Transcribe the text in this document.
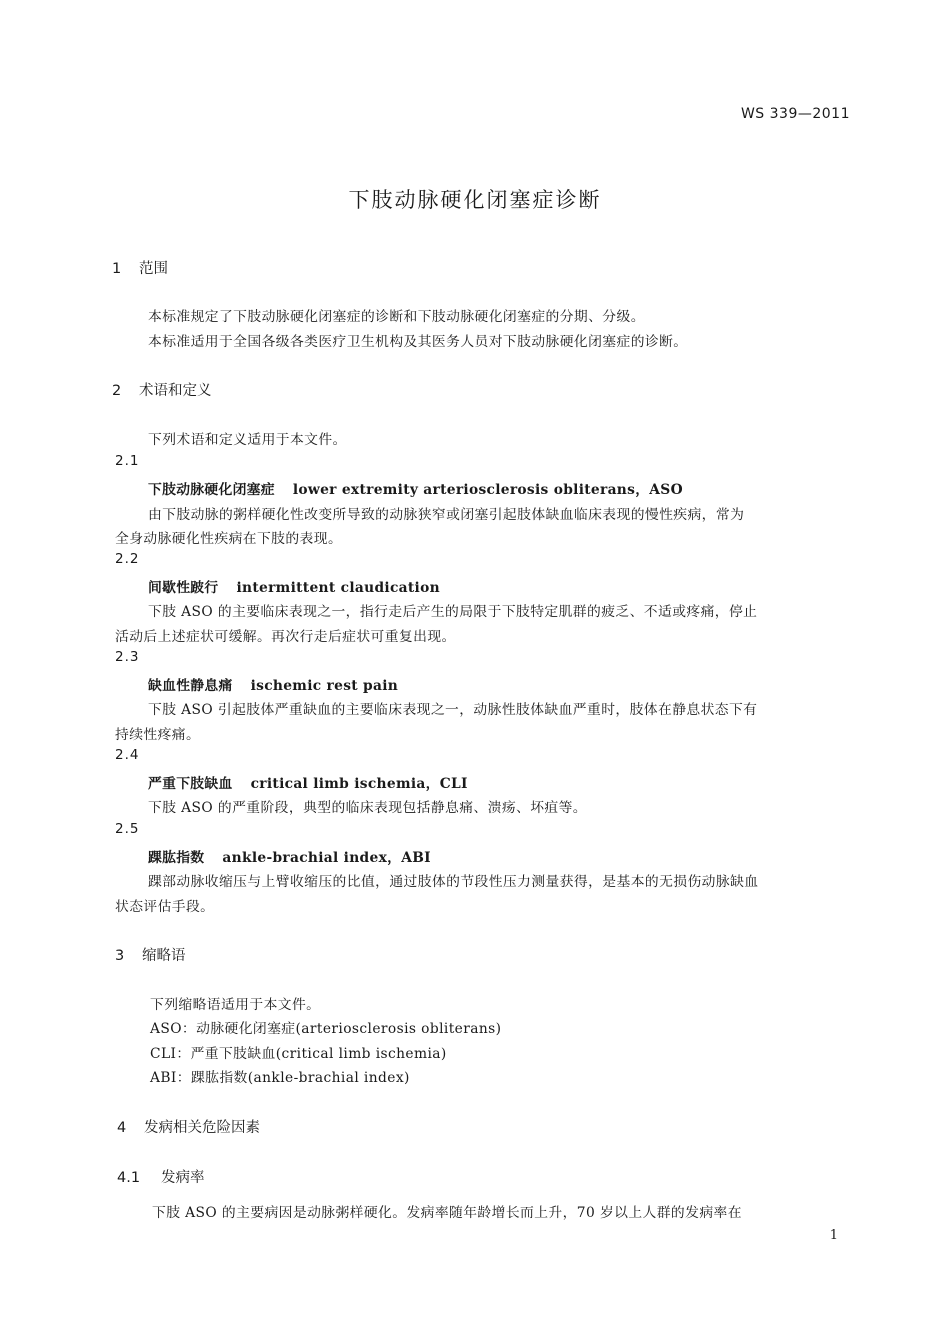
WS 339—2011
下肢动脉硬化闭塞症诊断
1 范围
本标准规定了下肢动脉硬化闭塞症的诊断和下肢动脉硬化闭塞症的分期、分级。
本标准适用于全国各级各类医疗卫生机构及其医务人员对下肢动脉硬化闭塞症的诊断。
2 术语和定义
下列术语和定义适用于本文件。
2.1
下肢动脉硬化闭塞症 lower extremity arteriosclerosis obliterans，ASO
由下肢动脉的粥样硬化性改变所导致的动脉狭窄或闭塞引起肢体缺血临床表现的慢性疾病，常为
全身动脉硬化性疾病在下肢的表现。
2.2
间歇性跛行 intermittent claudication
下肢 ASO 的主要临床表现之一，指行走后产生的局限于下肢特定肌群的疲乏、不适或疼痛，停止
活动后上述症状可缓解。再次行走后症状可重复出现。
2.3
缺血性静息痛 ischemic rest pain
下肢 ASO 引起肢体严重缺血的主要临床表现之一，动脉性肢体缺血严重时，肢体在静息状态下有
持续性疼痛。
2.4
严重下肢缺血 critical limb ischemia，CLI
下肢 ASO 的严重阶段，典型的临床表现包括静息痛、溃疡、坏疽等。
2.5
踝肱指数 ankle-brachial index，ABI
踝部动脉收缩压与上臂收缩压的比值，通过肢体的节段性压力测量获得，是基本的无损伤动脉缺血
状态评估手段。
3 缩略语
下列缩略语适用于本文件。
ASO：动脉硬化闭塞症(arteriosclerosis obliterans)
CLI：严重下肢缺血(critical limb ischemia)
ABI：踝肱指数(ankle-brachial index)
4 发病相关危险因素
4.1 发病率
下肢 ASO 的主要病因是动脉粥样硬化。发病率随年龄增长而上升，70 岁以上人群的发病率在
1
